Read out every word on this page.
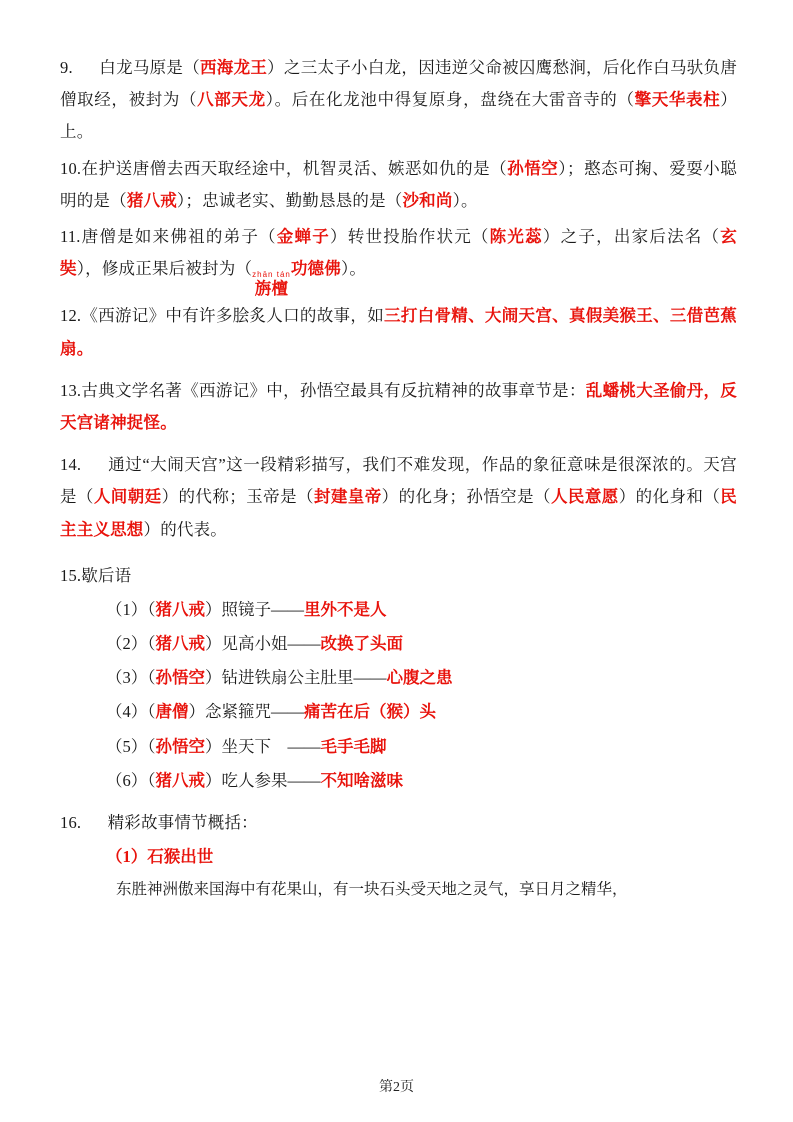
9. 白龙马原是（西海龙王）之三太子小白龙，因违逆父命被囚鹰愁涧，后化作白马驮负唐僧取经，被封为（八部天龙）。后在化龙池中得复原身，盘绕在大雷音寺的（擎天华表柱）上。

10.在护送唐僧去西天取经途中，机智灵活、嫉恶如仇的是（孙悟空）；憨态可掬、爱耍小聪明的是（猪八戒）；忠诚老实、勤勤恳恳的是（沙和尚）。

11.唐僧是如来佛祖的弟子（金蝉子）转世投胎作状元（陈光蕊）之子，出家后法名（玄奘），修成正果后被封为（ zhān tán
旃檀
功德佛）。

12.《西游记》中有许多脍炙人口的故事，如三打白骨精、大闹天宫、真假美猴王、三借芭蕉扇。

13.古典文学名著《西游记》中，孙悟空最具有反抗精神的故事章节是：乱蟠桃大圣偷丹，反天宫诸神捉怪。

14. 通过“大闹天宫”这一段精彩描写，我们不难发现，作品的象征意味是很深浓的。天宫是（人间朝廷）的代称；玉帝是（封建皇帝）的化身；孙悟空是（人民意愿）的化身和（民主主义思想）的代表。

15.歇后语

（1）（猪八戒）照镜子——里外不是人

（2）（猪八戒）见高小姐——改换了头面

（3）（孙悟空）钻进铁扇公主肚里——心腹之患

（4）（唐僧）念紧箍咒——痛苦在后（猴）头

（5）（孙悟空）坐天下　——毛手毛脚

（6）（猪八戒）吃人参果——不知啥滋味

16. 精彩故事情节概括：

（1）石猴出世

东胜神洲傲来国海中有花果山，有一块石头受天地之灵气，享日月之精华，

第2页
